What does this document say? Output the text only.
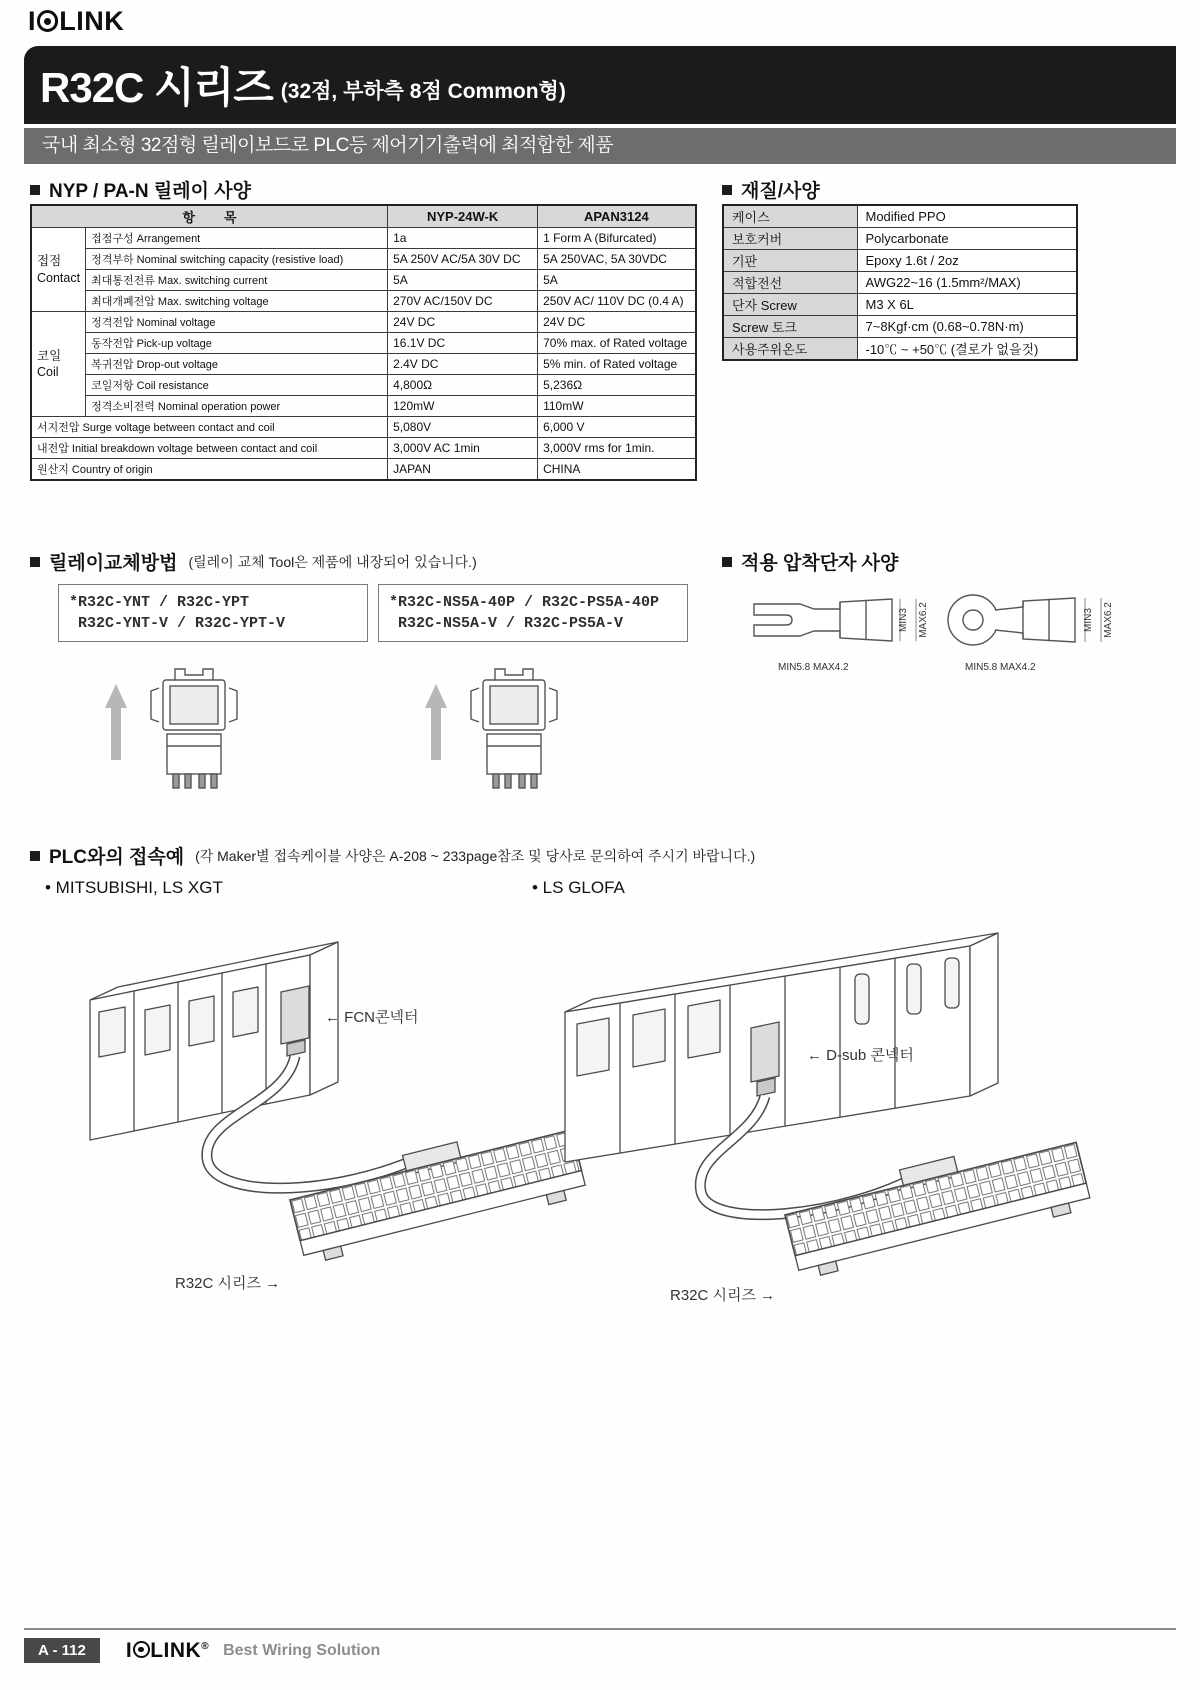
I LINK
R32C 시리즈 (32점, 부하측 8점 Common형)
국내 최소형 32점형 릴레이보드로 PLC등 제어기기출력에 최적합한 제품
NYP / PA-N 릴레이 사양
항        목		NYP-24W-K	APAN3124
접점
Contact	접점구성 Arrangement	1a	1 Form A (Bifurcated)
	정격부하 Nominal switching capacity (resistive load)	5A 250V AC/5A 30V DC	5A 250VAC, 5A 30VDC
	최대통전전류 Max. switching current	5A	5A
	최대개폐전압 Max. switching voltage	270V AC/150V DC	250V AC/ 110V DC (0.4 A)
코일
Coil	정격전압 Nominal voltage	24V DC	24V DC
	동작전압 Pick-up voltage	16.1V DC	70% max. of Rated voltage
	복귀전압 Drop-out voltage	2.4V DC	5% min. of Rated voltage
	코일저항 Coil resistance	4,800Ω	5,236Ω
	정격소비전력 Nominal operation power	120mW	110mW
서지전압 Surge voltage between contact and coil		5,080V	6,000 V
내전압 Initial breakdown voltage between contact and coil		3,000V AC 1min	3,000V rms for 1min.
원산지 Country of origin		JAPAN	CHINA
재질/사양
케이스	Modified PPO
보호커버	Polycarbonate
기판	Epoxy 1.6t / 2oz
적합전선	AWG22~16 (1.5mm²/MAX)
단자 Screw	M3 X 6L
Screw 토크	7~8Kgf·cm (0.68~0.78N·m)
사용주위온도	-10℃ ~ +50℃ (결로가 없을것)
릴레이교체방법 (릴레이 교체 Tool은 제품에 내장되어 있습니다.)
*R32C-YNT / R32C-YPT
R32C-YNT-V / R32C-YPT-V
*R32C-NS5A-40P / R32C-PS5A-40P
R32C-NS5A-V / R32C-PS5A-V
적용 압착단자 사양
MIN3 MAX6.2
MIN5.8 MAX4.2
MIN3 MAX6.2
MIN5.8 MAX4.2
PLC와의 접속예 (각 Maker별 접속케이블 사양은 A-208 ~ 233page참조 및 당사로 문의하여 주시기 바랍니다.)
• MITSUBISHI, LS XGT	• LS GLOFA
← FCN콘넥터
R32C 시리즈 →
← D-sub 콘넥터
R32C 시리즈 →
A - 112	I LINK® Best Wiring Solution
